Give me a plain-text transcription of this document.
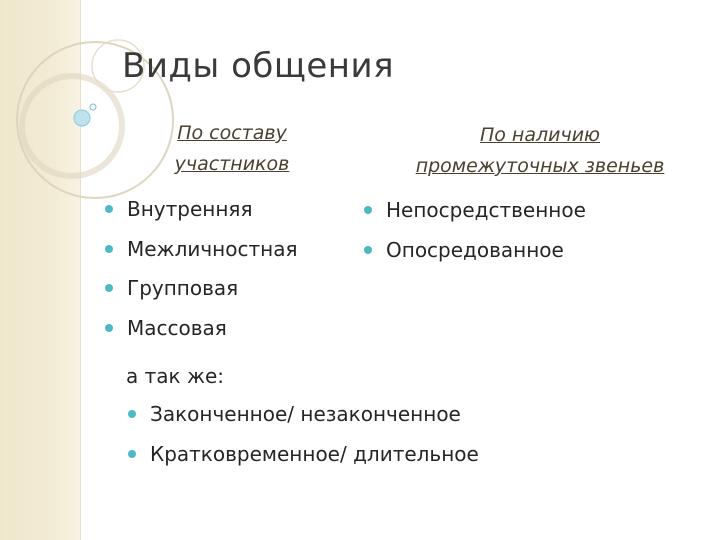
Виды общения
По составу
участников
По наличию
промежуточных звеньев
Внутренняя
Межличностная
Групповая
Массовая
Непосредственное
Опосредованное
а так же:
Законченное/ незаконченное
Кратковременное/ длительное
